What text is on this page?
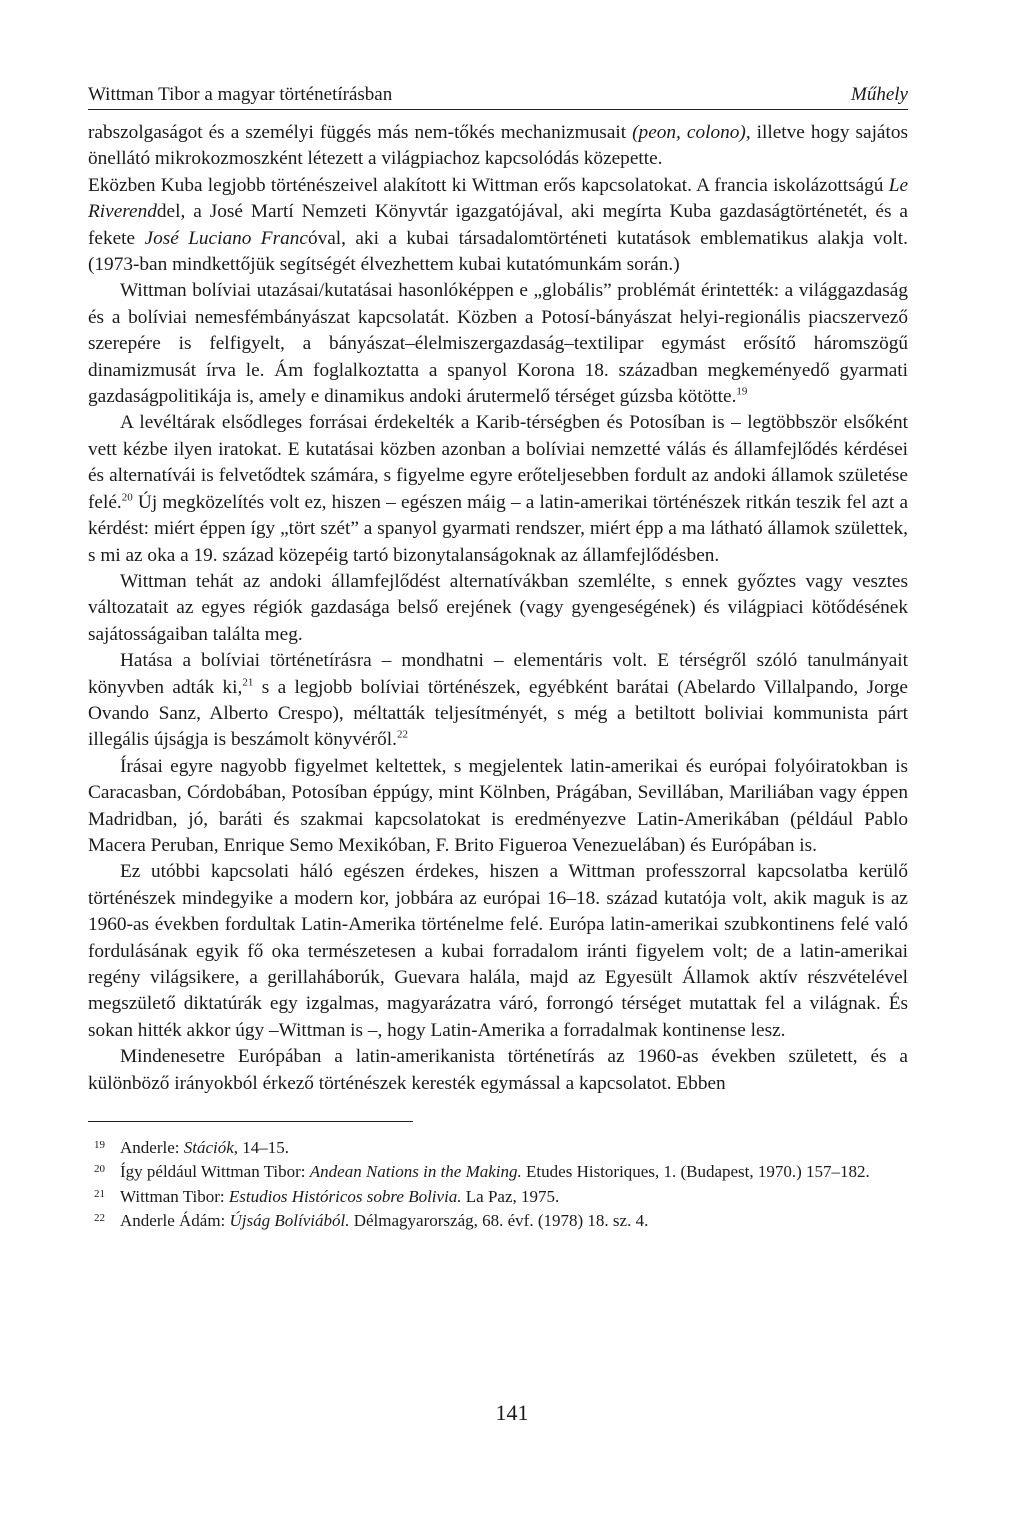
Wittman Tibor a magyar történetírásban	Műhely

rabszolgaságot és a személyi függés más nem-tőkés mechanizmusait (peon, colono), illetve hogy sajátos önellátó mikrokozmoszként létezett a világpiachoz kapcsolódás közepette.

Eközben Kuba legjobb történészeivel alakított ki Wittman erős kapcsolatokat. A francia iskolázottságú Le Riverenddel, a José Martí Nemzeti Könyvtár igazgatójával, aki megírta Kuba gazdaságtörténetét, és a fekete José Luciano Francóval, aki a kubai társadalomtörténeti kutatások emblematikus alakja volt. (1973-ban mindkettőjük segítségét élvezhettem kubai kutatómunkám során.)

Wittman bolíviai utazásai/kutatásai hasonlóképpen e „globális” problémát érintették: a világgazdaság és a bolíviai nemesfémbányászat kapcsolatát. Közben a Potosí-bányászat helyi-regionális piacszervező szerepére is felfigyelt, a bányászat–élelmiszergazdaság–textilipar egymást erősítő háromszögű dinamizmusát írva le. Ám foglalkoztatta a spanyol Korona 18. században megkeményedő gyarmati gazdaságpolitikája is, amely e dinamikus andoki árutermelő térséget gúzsba kötötte.$^{19}$

A levéltárak elsődleges forrásai érdekelték a Karib-térségben és Potosíban is – legtöbbször elsőként vett kézbe ilyen iratokat. E kutatásai közben azonban a bolíviai nemzetté válás és államfejlődés kérdései és alternatívái is felvetődtek számára, s figyelme egyre erőteljesebben fordult az andoki államok születése felé.$^{20}$ Új megközelítés volt ez, hiszen – egészen máig – a latin-amerikai történészek ritkán teszik fel azt a kérdést: miért éppen így „tört szét” a spanyol gyarmati rendszer, miért épp a ma látható államok születtek, s mi az oka a 19. század közepéig tartó bizonytalanságoknak az államfejlődésben.

Wittman tehát az andoki államfejlődést alternatívákban szemlélte, s ennek győztes vagy vesztes változatait az egyes régiók gazdasága belső erejének (vagy gyengeségének) és világpiaci kötődésének sajátosságaiban találta meg.

Hatása a bolíviai történetírásra – mondhatni – elementáris volt. E térségről szóló tanulmányait könyvben adták ki,$^{21}$ s a legjobb bolíviai történészek, egyébként barátai (Abelardo Villalpando, Jorge Ovando Sanz, Alberto Crespo), méltatták teljesítményét, s még a betiltott boliviai kommunista párt illegális újságja is beszámolt könyvéről.$^{22}$

Írásai egyre nagyobb figyelmet keltettek, s megjelentek latin-amerikai és európai folyóiratokban is Caracasban, Córdobában, Potosíban éppúgy, mint Kölnben, Prágában, Sevillában, Mariliában vagy éppen Madridban, jó, baráti és szakmai kapcsolatokat is eredményezve Latin-Amerikában (például Pablo Macera Peruban, Enrique Semo Mexikóban, F. Brito Figueroa Venezuelában) és Európában is.

Ez utóbbi kapcsolati háló egészen érdekes, hiszen a Wittman professzorral kapcsolatba kerülő történészek mindegyike a modern kor, jobbára az európai 16–18. század kutatója volt, akik maguk is az 1960-as években fordultak Latin-Amerika történelme felé. Európa latin-amerikai szubkontinens felé való fordulásának egyik fő oka természetesen a kubai forradalom iránti figyelem volt; de a latin-amerikai regény világsikere, a gerillaháborúk, Guevara halála, majd az Egyesült Államok aktív részvételével megszülető diktatúrák egy izgalmas, magyarázatra váró, forrongó térséget mutattak fel a világnak. És sokan hitték akkor úgy –Wittman is –, hogy Latin-Amerika a forradalmak kontinense lesz.

Mindenesetre Európában a latin-amerikanista történetírás az 1960-as években született, és a különböző irányokból érkező történészek keresték egymással a kapcsolatot. Ebben

19 Anderle: Stációk, 14–15.
20 Így például Wittman Tibor: Andean Nations in the Making. Etudes Historiques, 1. (Budapest, 1970.) 157–182.
21 Wittman Tibor: Estudios Históricos sobre Bolivia. La Paz, 1975.
22 Anderle Ádám: Újság Bolíviából. Délmagyarország, 68. évf. (1978) 18. sz. 4.
141
